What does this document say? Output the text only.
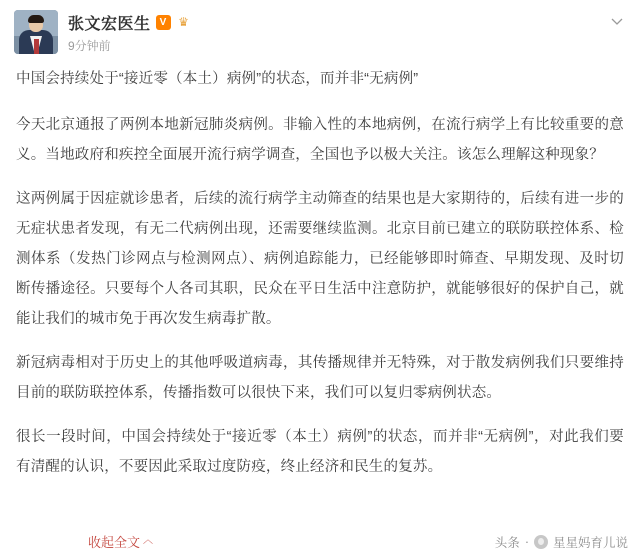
张文宏医生 V ♛
9分钟前

中国会持续处于“接近零（本土）病例”的状态，而并非“无病例”

今天北京通报了两例本地新冠肺炎病例。非输入性的本地病例，在流行病学上有比较重要的意义。当地政府和疾控全面展开流行病学调查，全国也予以极大关注。该怎么理解这种现象？

这两例属于因症就诊患者，后续的流行病学主动筛查的结果也是大家期待的，后续有进一步的无症状患者发现，有无二代病例出现，还需要继续监测。北京目前已建立的联防联控体系、检测体系（发热门诊网点与检测网点）、病例追踪能力，已经能够即时筛查、早期发现、及时切断传播途径。只要每个人各司其职，民众在平日生活中注意防护，就能够很好的保护自己，就能让我们的城市免于再次发生病毒扩散。

新冠病毒相对于历史上的其他呼吸道病毒，其传播规律并无特殊，对于散发病例我们只要维持目前的联防联控体系，传播指数可以很快下来，我们可以复归零病例状态。

很长一段时间，中国会持续处于“接近零（本土）病例”的状态，而并非“无病例”，对此我们要有清醒的认识，不要因此采取过度防疫，终止经济和民生的复苏。

收起全文 ︿	头条 · 星星妈育儿说
